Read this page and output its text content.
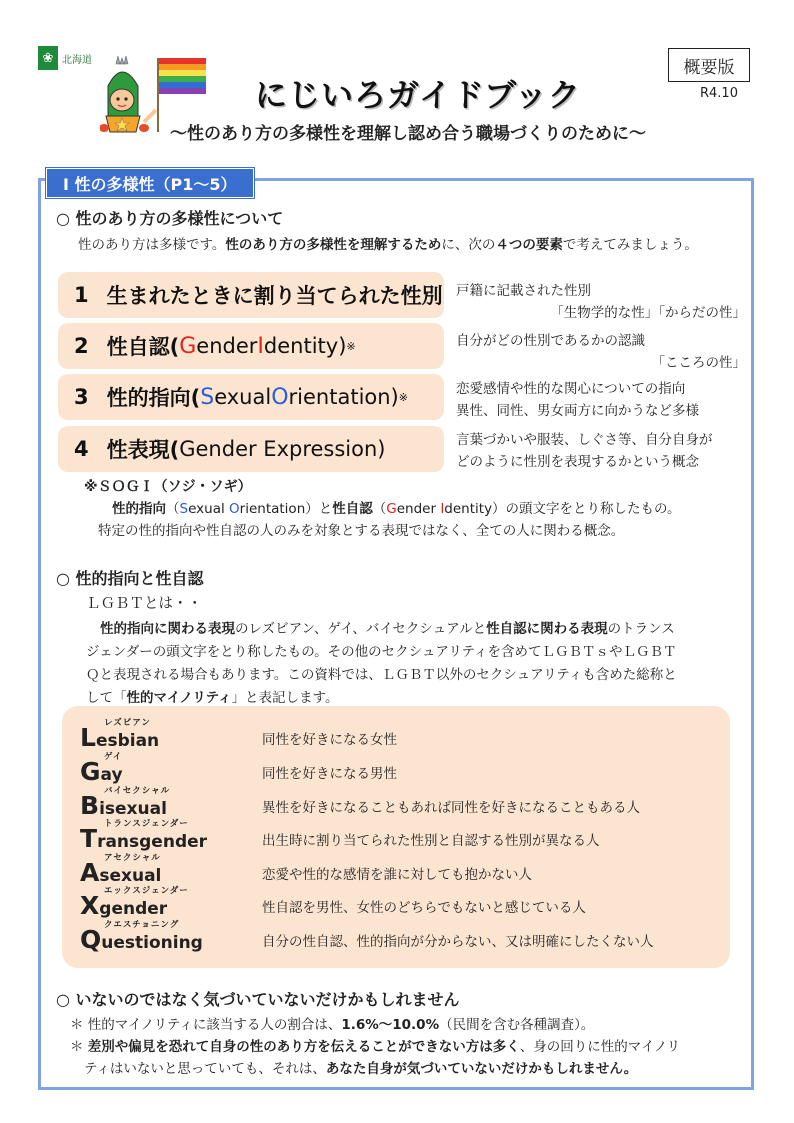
❀ 北海道	概要版
R4.10
にじいろガイドブック
～性のあり方の多様性を理解し認め合う職場づくりのために～
Ⅰ 性の多様性（P1～5）
○ 性のあり方の多様性について
性のあり方は多様です。性のあり方の多様性を理解するために、次の４つの要素で考えてみましょう。
1 生まれたときに割り当てられた性別 戸籍に記載された性別
「生物学的な性」「からだの性」
2 性自認( G ender I dentity) ※	自分がどの性別であるかの認識
「こころの性」
3 性的指向( S exual O rientation) ※	恋愛感情や性的な関心についての指向
異性、同性、男女両方に向かうなど多様
4 性表現( Gender Expression)	言葉づかいや服装、しぐさ等、自分自身が
どのように性別を表現するかという概念
※ＳＯＧＩ（ソジ・ソギ）
性的指向（Sexual Orientation）と性自認（Gender Identity）の頭文字をとり称したもの。
特定の性的指向や性自認の人のみを対象とする表現ではなく、全ての人に関わる概念。
○ 性的指向と性自認
ＬＧＢＴとは・・
性的指向に関わる表現のレズビアン、ゲイ、バイセクシュアルと性自認に関わる表現のトランス
ジェンダーの頭文字をとり称したもの。その他のセクシュアリティを含めてＬＧＢＴｓやＬＧＢＴ
Ｑと表現される場合もあります。この資料では、ＬＧＢＴ以外のセクシュアリティも含めた総称と
して「性的マイノリティ」と表記します。
レズビアン
Lesbian	同性を好きになる女性
ゲイ
Gay	同性を好きになる男性
バイセクシャル
Bisexual	異性を好きになることもあれば同性を好きになることもある人
トランスジェンダー
Transgender	出生時に割り当てられた性別と自認する性別が異なる人
アセクシャル
Asexual	恋愛や性的な感情を誰に対しても抱かない人
エックスジェンダー
Xgender	性自認を男性、女性のどちらでもないと感じている人
クエスチョニング
Questioning	自分の性自認、性的指向が分からない、又は明確にしたくない人
○ いないのではなく気づいていないだけかもしれません
＊ 性的マイノリティに該当する人の割合は、1.6%～10.0%（民間を含む各種調査）。
＊ 差別や偏見を恐れて自身の性のあり方を伝えることができない方は多く、身の回りに性的マイノリ
ティはいないと思っていても、それは、あなた自身が気づいていないだけかもしれません。
